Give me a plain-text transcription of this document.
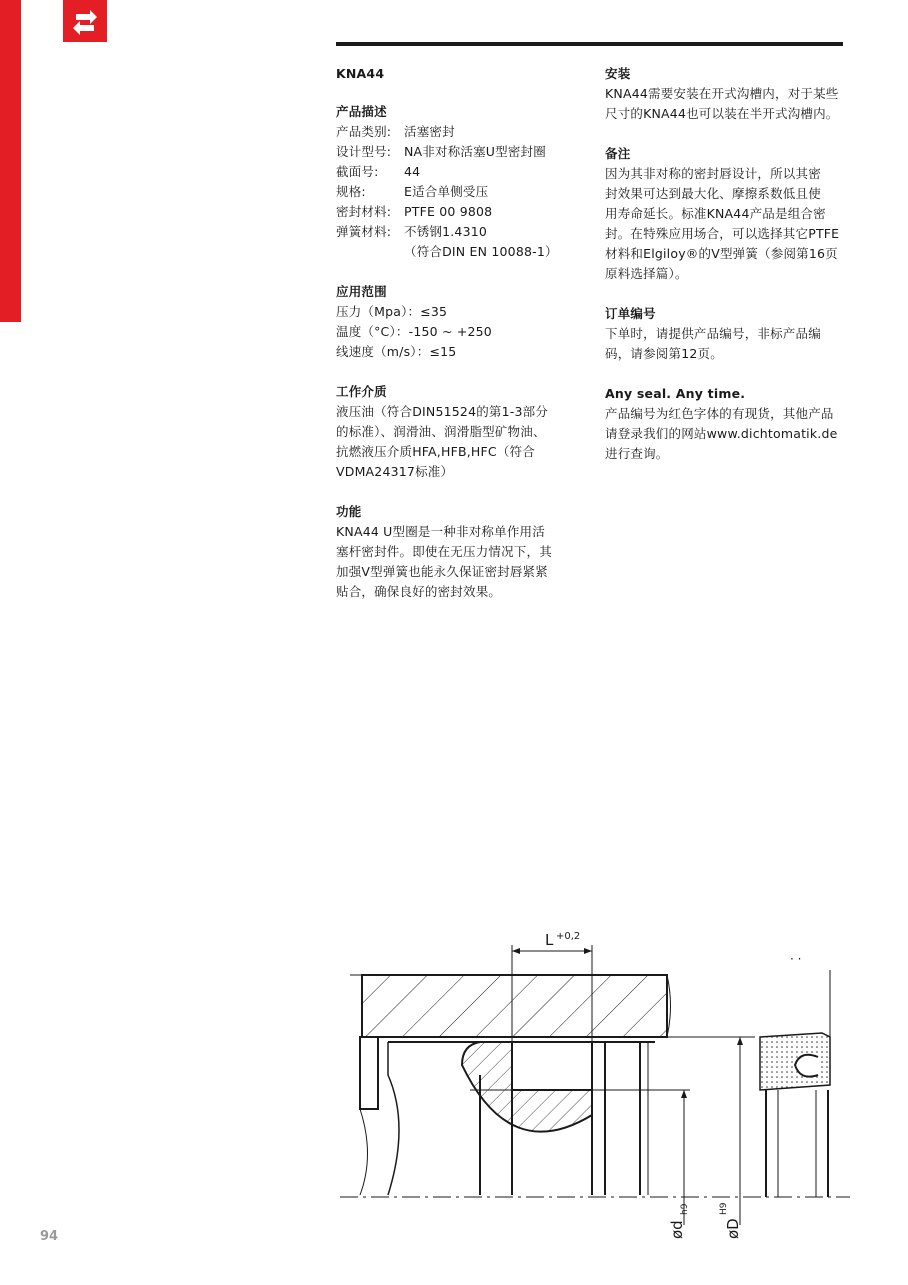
KNA44
产品描述
产品类别:	活塞密封
设计型号:	NA非对称活塞U型密封圈
截面号:	44
规格:	E适合单侧受压
密封材料:	PTFE 00 9808
弹簧材料:	不锈钢1.4310
（符合DIN EN 10088-1）
应用范围
压力（Mpa）：≤35
温度（°C）：-150 ~ +250
线速度（m/s）：≤15
工作介质
液压油（符合DIN51524的第1-3部分
的标准）、润滑油、润滑脂型矿物油、
抗燃液压介质HFA,HFB,HFC（符合
VDMA24317标准）
功能
KNA44 U型圈是一种非对称单作用活
塞杆密封件。即使在无压力情况下，其
加强V型弹簧也能永久保证密封唇紧紧
贴合，确保良好的密封效果。
安装
KNA44需要安装在开式沟槽内，对于某些
尺寸的KNA44也可以装在半开式沟槽内。
备注
因为其非对称的密封唇设计，所以其密
封效果可达到最大化、摩擦系数低且使
用寿命延长。标准KNA44产品是组合密
封。在特殊应用场合，可以选择其它PTFE
材料和Elgiloy®的V型弹簧（参阅第16页
原料选择篇）。
订单编号
下单时，请提供产品编号，非标产品编
码，请参阅第12页。
Any seal. Any time.
产品编号为红色字体的有现货，其他产品
请登录我们的网站www.dichtomatik.de
进行查询。
L +0,2
ød
h9
øD
H9
· ·
94
